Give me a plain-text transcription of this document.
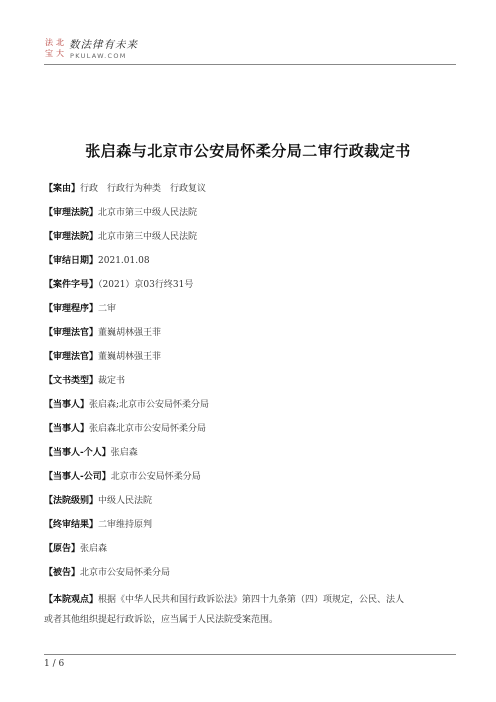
法 北
宝 大
数法律有未来
PKULAW.COM
张启森与北京市公安局怀柔分局二审行政裁定书
【案由】行政　行政行为种类　行政复议
【审理法院】北京市第三中级人民法院
【审理法院】北京市第三中级人民法院
【审结日期】2021.01.08
【案件字号】（2021）京03行终31号
【审理程序】二审
【审理法官】董巍胡林强王菲
【审理法官】董巍胡林强王菲
【文书类型】裁定书
【当事人】张启森;北京市公安局怀柔分局
【当事人】张启森北京市公安局怀柔分局
【当事人-个人】张启森
【当事人-公司】北京市公安局怀柔分局
【法院级别】中级人民法院
【终审结果】二审维持原判
【原告】张启森
【被告】北京市公安局怀柔分局
【本院观点】根据《中华人民共和国行政诉讼法》第四十九条第（四）项规定，公民、法人
或者其他组织提起行政诉讼，应当属于人民法院受案范围。
1 / 6
